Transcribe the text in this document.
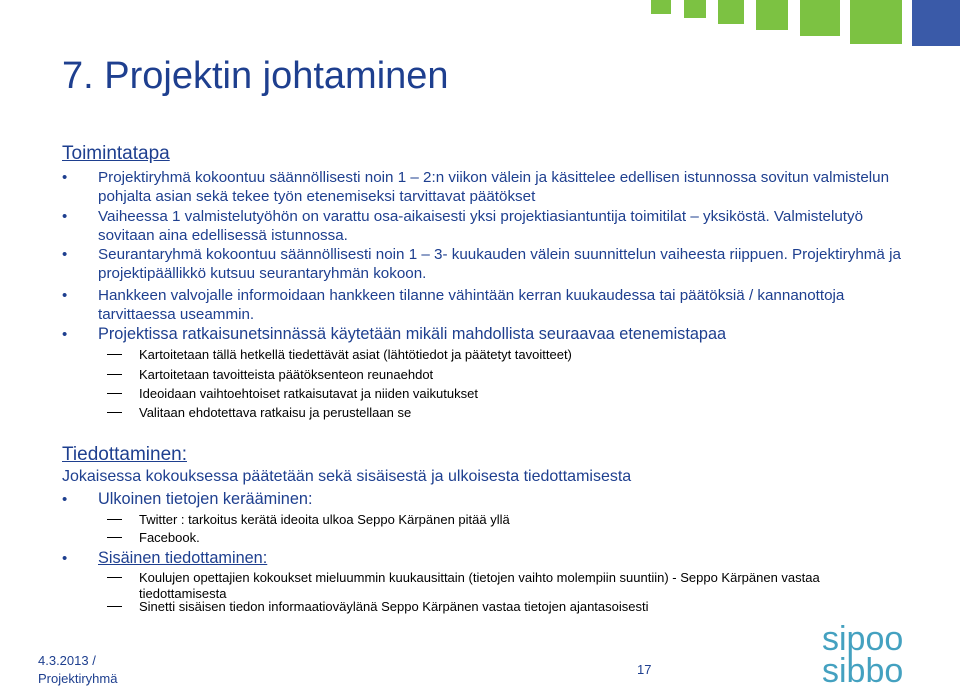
7. Projektin johtaminen
Toimintatapa
• Projektiryhmä kokoontuu säännöllisesti noin 1 – 2:n viikon välein ja käsittelee edellisen istunnossa sovitun valmistelun pohjalta asian sekä tekee työn etenemiseksi tarvittavat päätökset
• Vaiheessa 1 valmistelutyöhön on varattu osa-aikaisesti yksi projektiasiantuntija toimitilat – yksiköstä. Valmistelutyö sovitaan aina edellisessä istunnossa.
• Seurantaryhmä kokoontuu säännöllisesti noin 1 – 3- kuukauden välein suunnittelun vaiheesta riippuen. Projektiryhmä ja projektipäällikkö kutsuu seurantaryhmän kokoon.
• Hankkeen valvojalle informoidaan hankkeen tilanne vähintään kerran kuukaudessa tai päätöksiä / kannanottoja tarvittaessa useammin.
• Projektissa ratkaisunetsinnässä käytetään mikäli mahdollista seuraavaa etenemistapaa
Kartoitetaan tällä hetkellä tiedettävät asiat (lähtötiedot ja päätetyt tavoitteet)
Kartoitetaan tavoitteista päätöksenteon reunaehdot
Ideoidaan vaihtoehtoiset ratkaisutavat ja niiden vaikutukset
Valitaan ehdotettava ratkaisu ja perustellaan se
Tiedottaminen:
Jokaisessa kokouksessa päätetään sekä sisäisestä ja ulkoisesta tiedottamisesta
• Ulkoinen tietojen kerääminen:
Twitter : tarkoitus kerätä ideoita ulkoa Seppo Kärpänen pitää yllä
Facebook.
• Sisäinen tiedottaminen:
Koulujen opettajien kokoukset mieluummin kuukausittain (tietojen vaihto molempiin suuntiin) - Seppo Kärpänen vastaa tiedottamisesta
Sinetti sisäisen tiedon informaatioväylänä Seppo Kärpänen vastaa tietojen ajantasoisesti
4.3.2013 /
Projektiryhmä
17
sipoo
sibbo
